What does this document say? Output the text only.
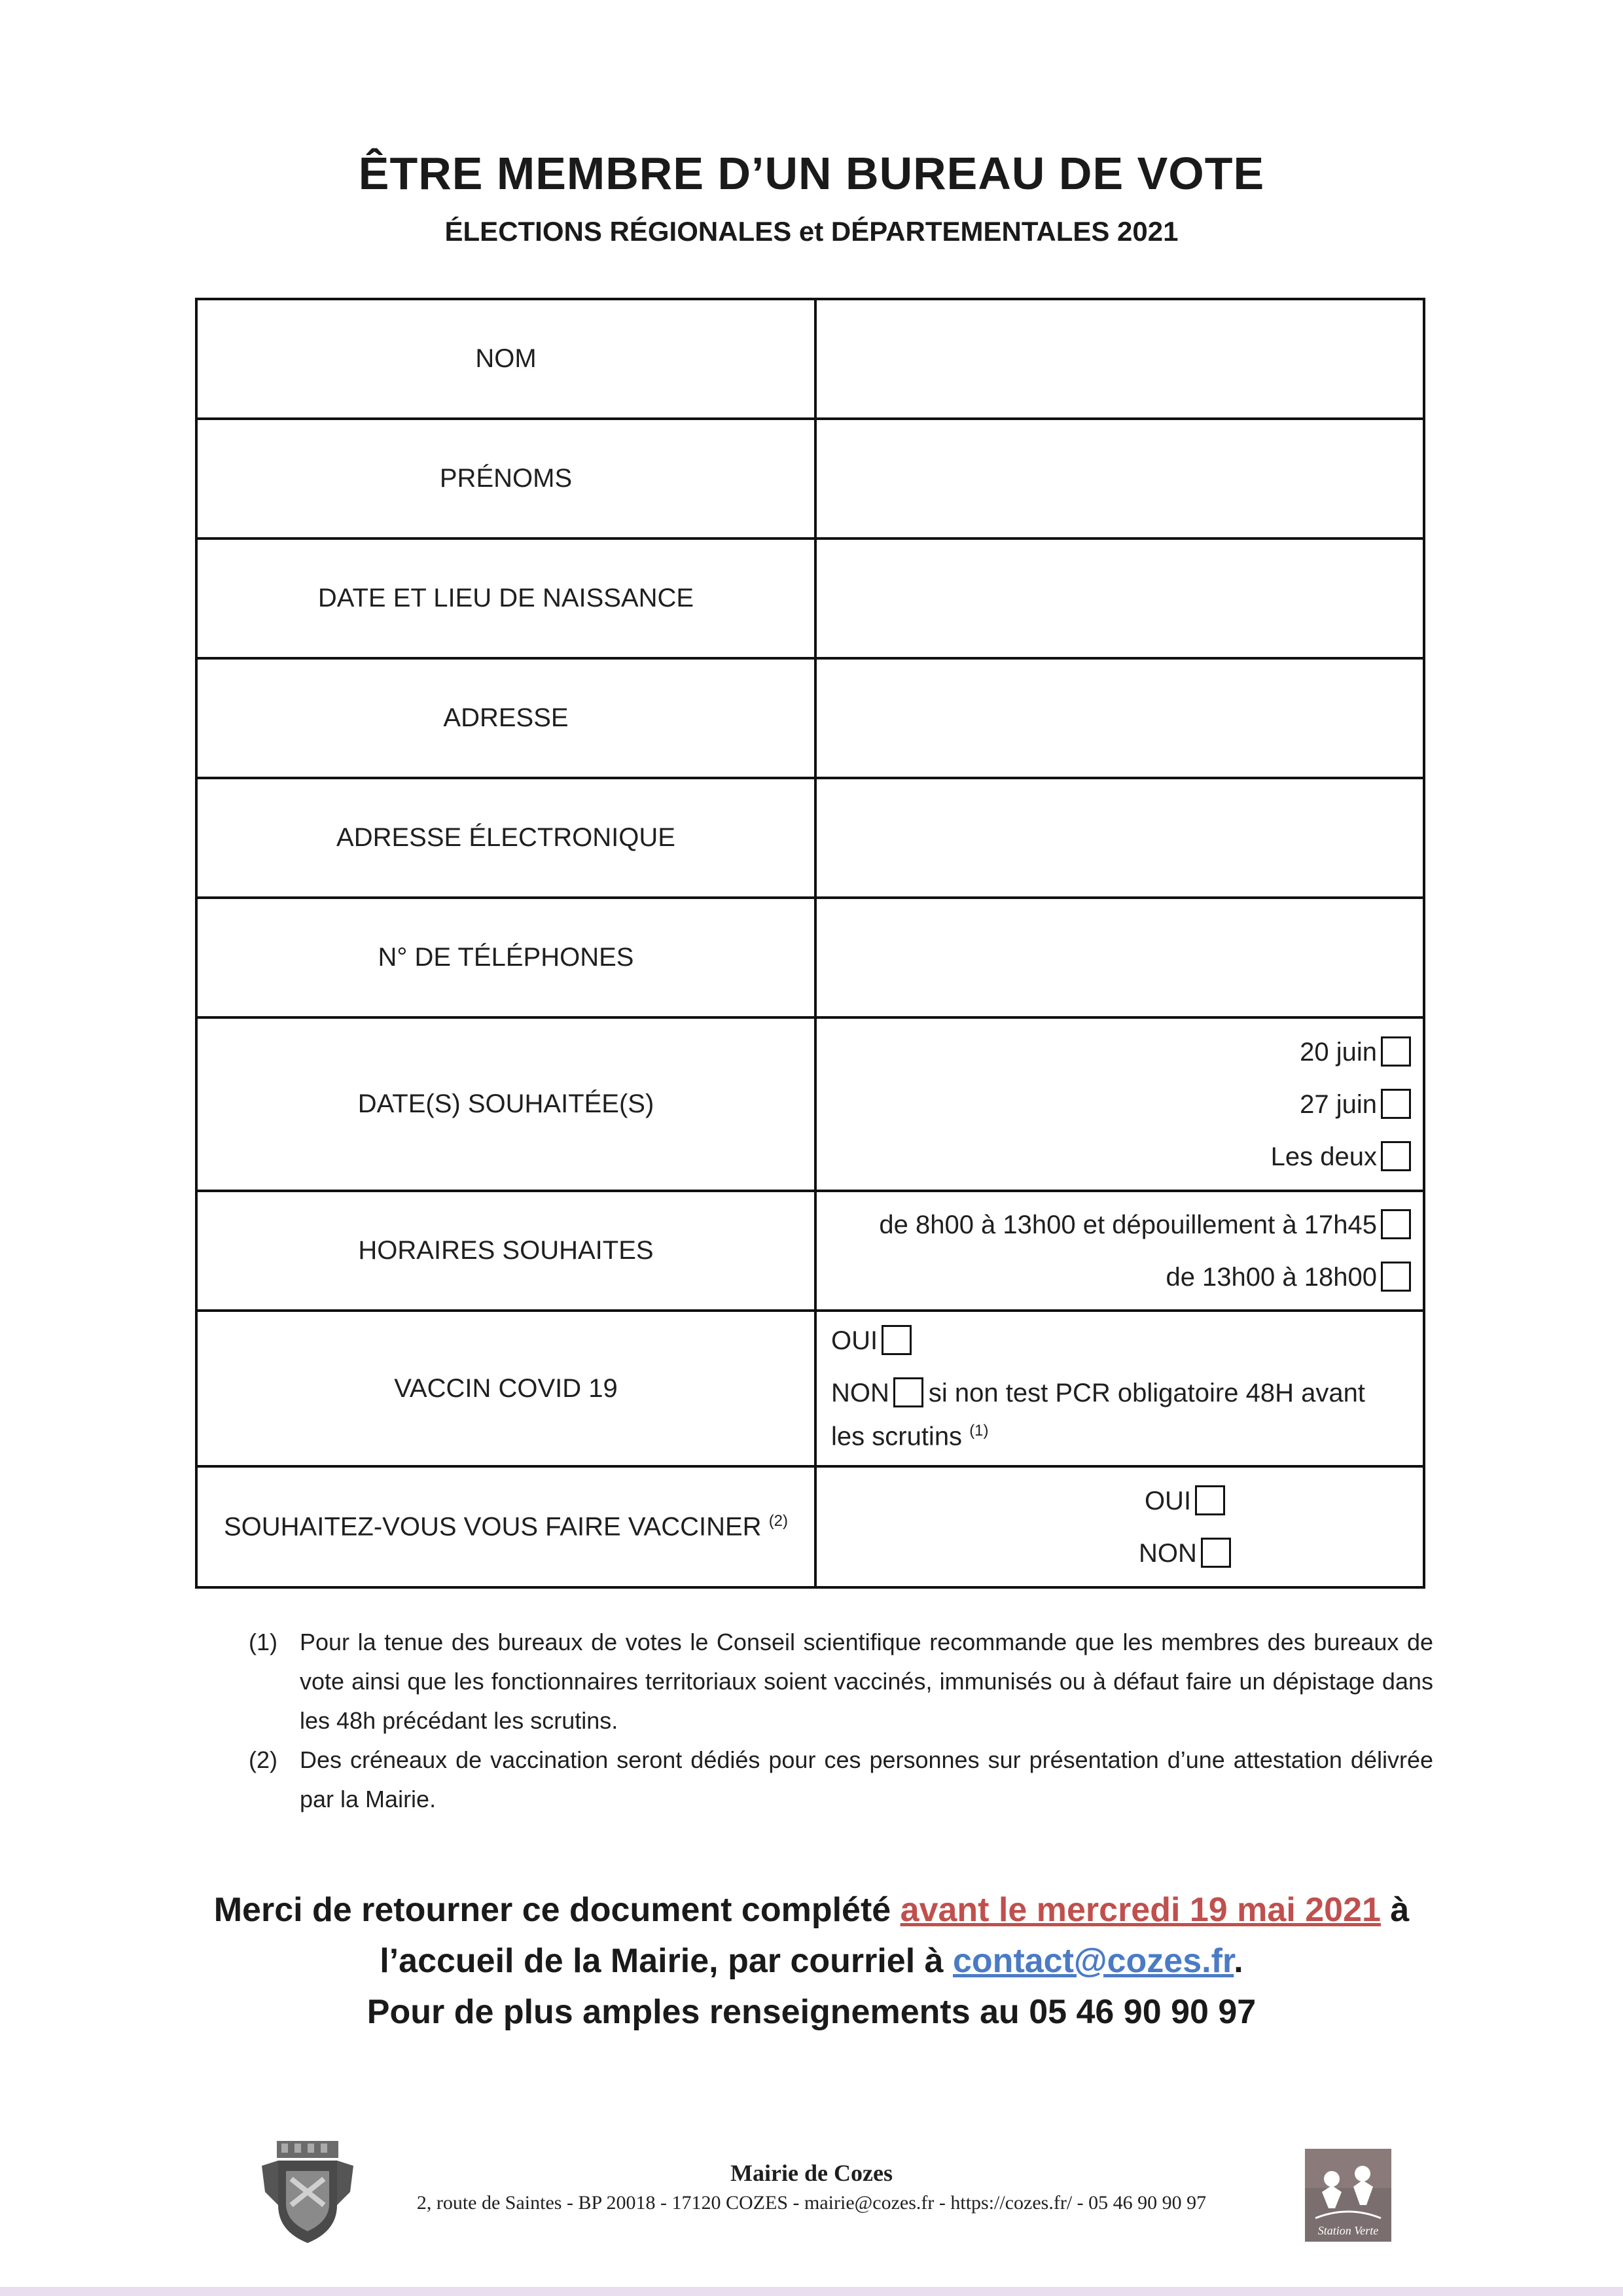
ÊTRE MEMBRE D’UN BUREAU DE VOTE
ÉLECTIONS RÉGIONALES et DÉPARTEMENTALES 2021
NOM	
PRÉNOMS	
DATE ET LIEU DE NAISSANCE	
ADRESSE	
ADRESSE ÉLECTRONIQUE	
N° DE TÉLÉPHONES	
DATE(S) SOUHAITÉE(S)	20 juin
27 juin
Les deux

HORAIRES SOUHAITES	de 8h00 à 13h00 et dépouillement à 17h45
de 13h00 à 18h00

VACCIN COVID 19	OUI
NON si non test PCR obligatoire 48H avant les scrutins $^{(1)}$

SOUHAITEZ-VOUS VOUS FAIRE VACCINER $^{(2)}$	OUI
NON
(1) Pour la tenue des bureaux de votes le Conseil scientifique recommande que les membres des bureaux de vote ainsi que les fonctionnaires territoriaux soient vaccinés, immunisés ou à défaut faire un dépistage dans les 48h précédant les scrutins.
(2) Des créneaux de vaccination seront dédiés pour ces personnes sur présentation d’une attestation délivrée par la Mairie.
Merci de retourner ce document complété avant le mercredi 19 mai 2021 à
l’accueil de la Mairie, par courriel à contact@cozes.fr.
Pour de plus amples renseignements au 05 46 90 90 97
Mairie de Cozes
2, route de Saintes - BP 20018 - 17120 COZES - mairie@cozes.fr - https://cozes.fr/ - 05 46 90 90 97
Station Verte
